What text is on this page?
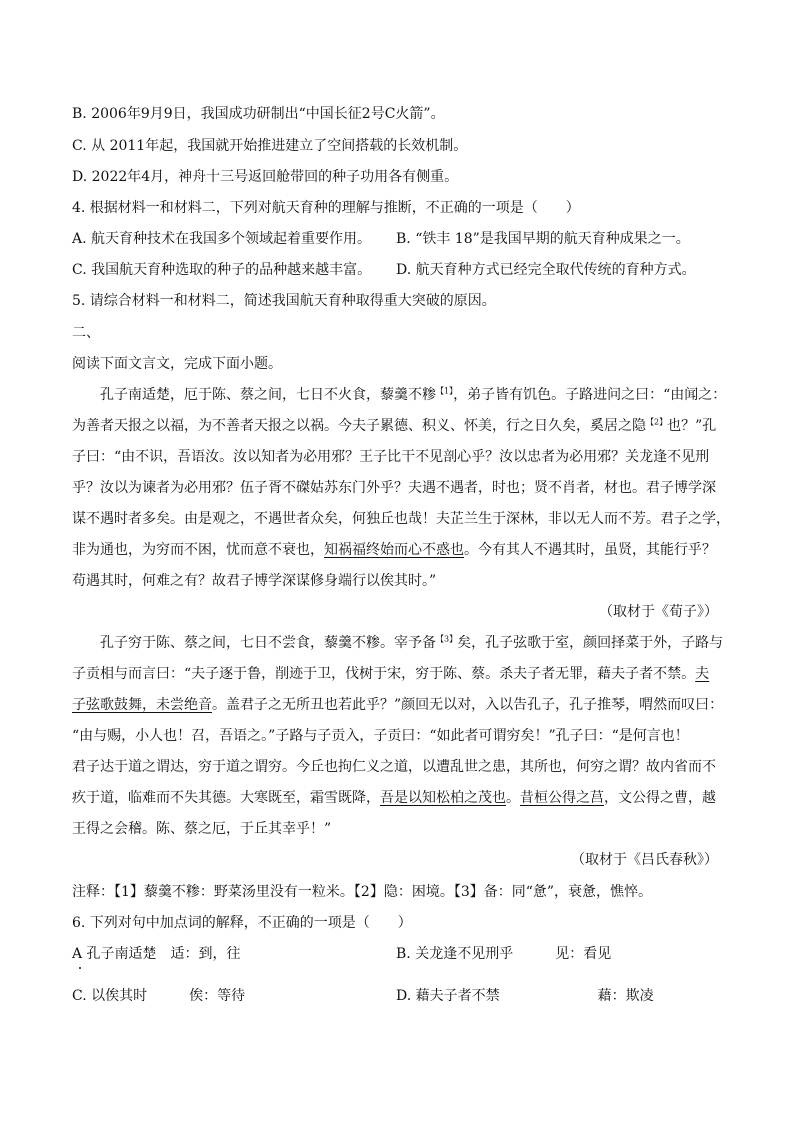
B. 2006年9月9日，我国成功研制出“中国长征2号C火箭”。
C. 从 2011年起，我国就开始推进建立了空间搭载的长效机制。
D. 2022年4月，神舟十三号返回舱带回的种子功用各有侧重。
4. 根据材料一和材料二，下列对航天育种的理解与推断，不正确的一项是（　　）
A. 航天育种技术在我国多个领域起着重要作用。 B. “铁丰 18”是我国早期的航天育种成果之一。
C. 我国航天育种选取的种子的品种越来越丰富。 D. 航天育种方式已经完全取代传统的育种方式。
5. 请综合材料一和材料二，简述我国航天育种取得重大突破的原因。
二、
阅读下面文言文，完成下面小题。
孔子南适楚，厄于陈、蔡之间，七日不火食，藜羹不糁$^{【1】}$，弟子皆有饥色。子路进问之曰：“由闻之：
为善者天报之以福，为不善者天报之以祸。今夫子累德、积义、怀美，行之日久矣，奚居之隐$^{【2】}$也？”孔
子曰：“由不识，吾语汝。汝以知者为必用邪？王子比干不见剖心乎？汝以忠者为必用邪？关龙逢不见刑
乎？汝以为谏者为必用邪？伍子胥不磔姑苏东门外乎？夫遇不遇者，时也；贤不肖者，材也。君子博学深
谋不遇时者多矣。由是观之，不遇世者众矣，何独丘也哉！夫芷兰生于深林，非以无人而不芳。君子之学，
非为通也，为穷而不困，忧而意不衰也，知祸福终始而心不惑也。今有其人不遇其时，虽贤，其能行乎？
苟遇其时，何难之有？故君子博学深谋修身端行以俟其时。”
（取材于《荀子》）
孔子穷于陈、蔡之间，七日不尝食，藜羹不糁。宰予备$^{【3】}$矣，孔子弦歌于室，颜回择菜于外，子路与
子贡相与而言曰：“夫子逐于鲁，削迹于卫，伐树于宋，穷于陈、蔡。杀夫子者无罪，藉夫子者不禁。夫
子弦歌鼓舞，未尝绝音。盖君子之无所丑也若此乎？”颜回无以对，入以告孔子，孔子推琴，喟然而叹曰：
“由与赐，小人也！召，吾语之。”子路与子贡入，子贡曰：“如此者可谓穷矣！”孔子曰：“是何言也！
君子达于道之谓达，穷于道之谓穷。今丘也拘仁义之道，以遭乱世之患，其所也，何穷之谓？故内省而不
疚于道，临难而不失其德。大寒既至，霜雪既降，吾是以知松柏之茂也。昔桓公得之莒，文公得之曹，越
王得之会稽。陈、蔡之厄，于丘其幸乎！”
（取材于《吕氏春秋》）
注释：【1】藜羹不糁：野菜汤里没有一粒米。【2】隐：困境。【3】备：同“惫”，衰惫，憔悴。
6. 下列对句中加点词的解释，不正确的一项是（　　）
A 孔子南适楚　适：到，往	B. 关龙逢不见刑乎　　　见：看见
C. 以俟其时　　　俟：等待	D. 藉夫子者不禁　　　　　　　藉：欺凌
